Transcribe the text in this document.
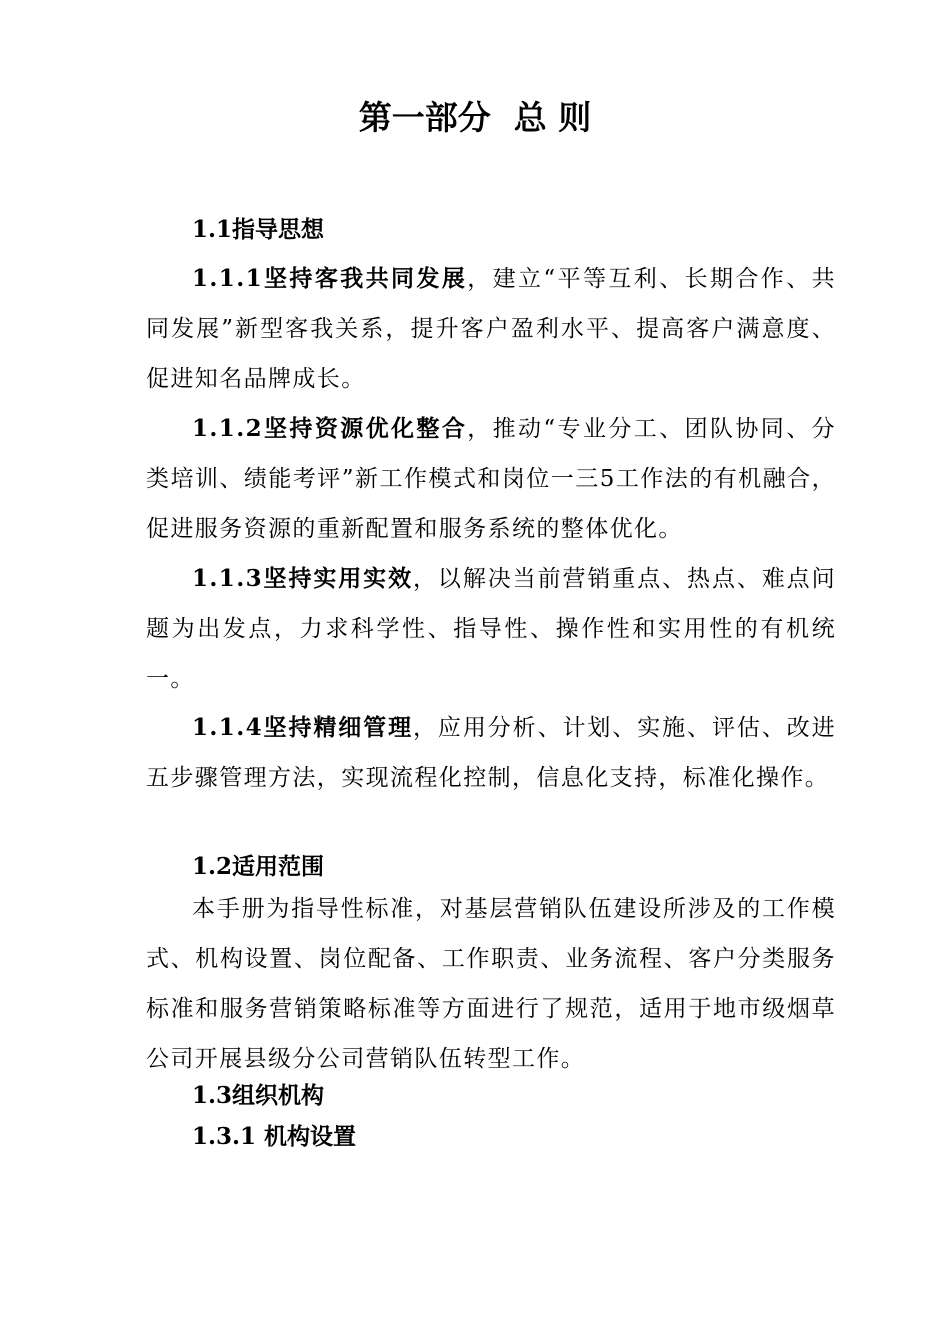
第一部分  总 则
1.1指导思想
1.1.1坚持客我共同发展，建立“平等互利、长期合作、共同发展”新型客我关系，提升客户盈利水平、提高客户满意度、促进知名品牌成长。
1.1.2坚持资源优化整合，推动“专业分工、团队协同、分类培训、绩能考评”新工作模式和岗位一三5工作法的有机融合，促进服务资源的重新配置和服务系统的整体优化。
1.1.3坚持实用实效，以解决当前营销重点、热点、难点问题为出发点，力求科学性、指导性、操作性和实用性的有机统一。
1.1.4坚持精细管理，应用分析、计划、实施、评估、改进五步骤管理方法，实现流程化控制，信息化支持，标准化操作。
1.2适用范围
本手册为指导性标准，对基层营销队伍建设所涉及的工作模式、机构设置、岗位配备、工作职责、业务流程、客户分类服务标准和服务营销策略标准等方面进行了规范，适用于地市级烟草公司开展县级分公司营销队伍转型工作。
1.3组织机构
1.3.1 机构设置
